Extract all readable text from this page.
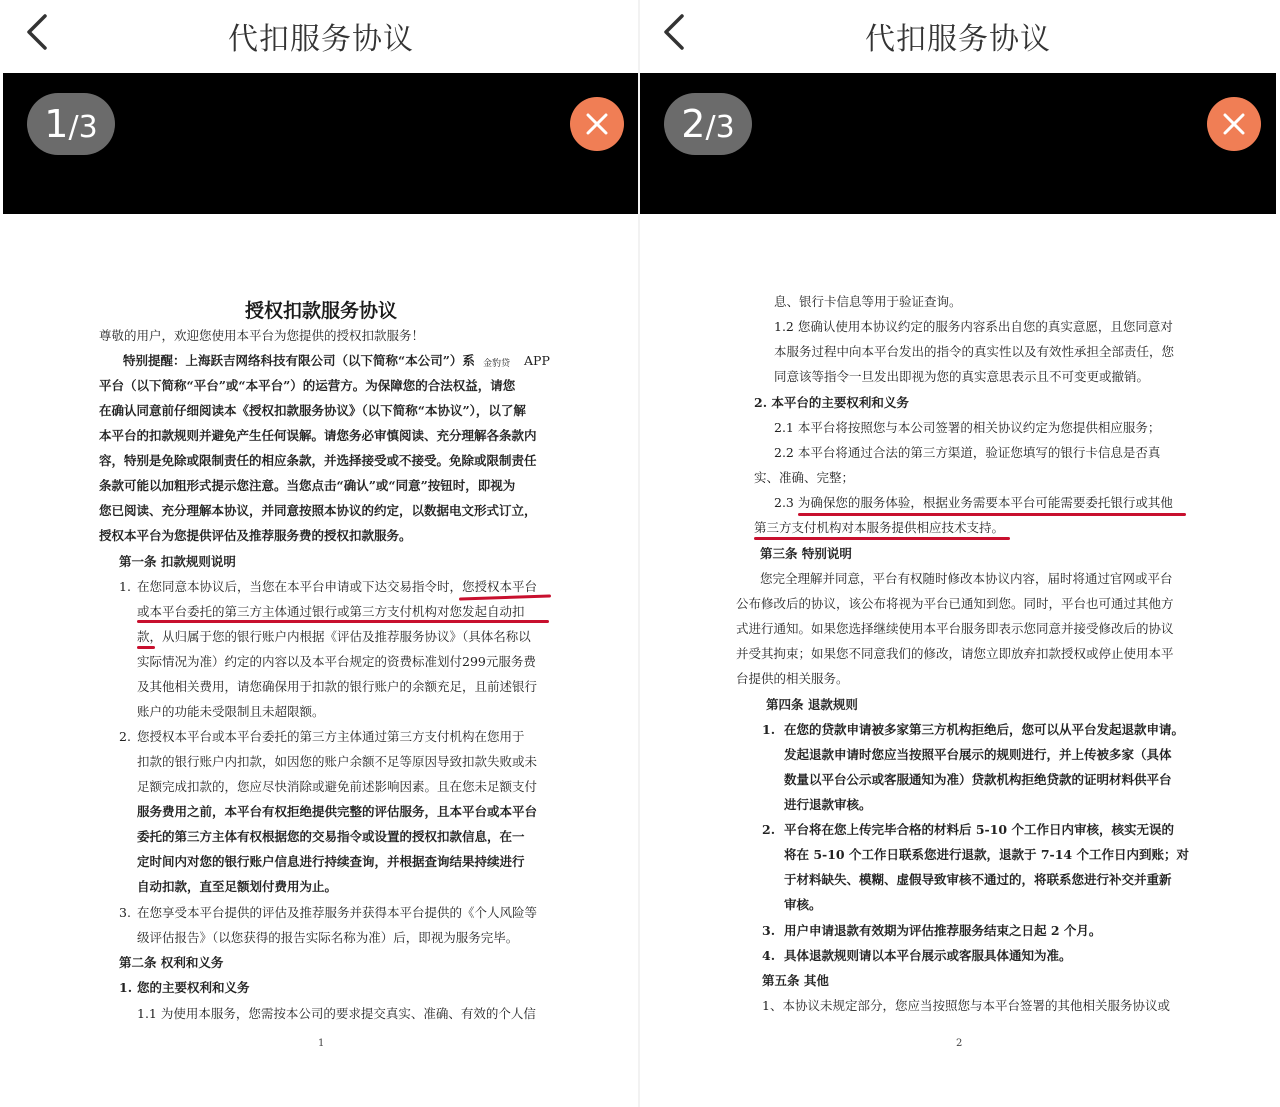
代扣服务协议
1 / 3
授权扣款服务协议
尊敬的用户，欢迎您使用本平台为您提供的授权扣款服务！
特别提醒：上海跃吉网络科技有限公司（以下简称“本公司”）系 金豹贷 APP
平台（以下简称“平台”或“本平台”）的运营方。为保障您的合法权益，请您
在确认同意前仔细阅读本《授权扣款服务协议》（以下简称“本协议”），以了解
本平台的扣款规则并避免产生任何误解。请您务必审慎阅读、充分理解各条款内
容，特别是免除或限制责任的相应条款，并选择接受或不接受。免除或限制责任
条款可能以加粗形式提示您注意。当您点击“确认”或“同意”按钮时，即视为
您已阅读、充分理解本协议，并同意按照本协议的约定，以数据电文形式订立，
授权本平台为您提供评估及推荐服务费的授权扣款服务。
第一条 扣款规则说明
1. 在您同意本协议后，当您在本平台申请或下达交易指令时，您授权本平台
或本平台委托的第三方主体通过银行或第三方支付机构对您发起自动扣
款，从归属于您的银行账户内根据《评估及推荐服务协议》（具体名称以
实际情况为准）约定的内容以及本平台规定的资费标准划付299元服务费
及其他相关费用，请您确保用于扣款的银行账户的余额充足，且前述银行
账户的功能未受限制且未超限额。
2. 您授权本平台或本平台委托的第三方主体通过第三方支付机构在您用于
扣款的银行账户内扣款，如因您的账户余额不足等原因导致扣款失败或未
足额完成扣款的，您应尽快消除或避免前述影响因素。且在您未足额支付
服务费用之前，本平台有权拒绝提供完整的评估服务，且本平台或本平台
委托的第三方主体有权根据您的交易指令或设置的授权扣款信息，在一
定时间内对您的银行账户信息进行持续查询，并根据查询结果持续进行
自动扣款，直至足额划付费用为止。
3. 在您享受本平台提供的评估及推荐服务并获得本平台提供的《个人风险等
级评估报告》（以您获得的报告实际名称为准）后，即视为服务完毕。
第二条 权利和义务
1. 您的主要权利和义务
1.1 为使用本服务，您需按本公司的要求提交真实、准确、有效的个人信
1
代扣服务协议
2 / 3
息、银行卡信息等用于验证查询。
1.2 您确认使用本协议约定的服务内容系出自您的真实意愿，且您同意对
本服务过程中向本平台发出的指令的真实性以及有效性承担全部责任，您
同意该等指令一旦发出即视为您的真实意思表示且不可变更或撤销。
2. 本平台的主要权利和义务
2.1 本平台将按照您与本公司签署的相关协议约定为您提供相应服务；
2.2 本平台将通过合法的第三方渠道，验证您填写的银行卡信息是否真
实、准确、完整；
2.3 为确保您的服务体验，根据业务需要本平台可能需要委托银行或其他
第三方支付机构对本服务提供相应技术支持。
第三条 特别说明
您完全理解并同意，平台有权随时修改本协议内容，届时将通过官网或平台
公布修改后的协议，该公布将视为平台已通知到您。同时，平台也可通过其他方
式进行通知。如果您选择继续使用本平台服务即表示您同意并接受修改后的协议
并受其拘束；如果您不同意我们的修改，请您立即放弃扣款授权或停止使用本平
台提供的相关服务。
第四条 退款规则
1. 在您的贷款申请被多家第三方机构拒绝后，您可以从平台发起退款申请。
发起退款申请时您应当按照平台展示的规则进行，并上传被多家（具体
数量以平台公示或客服通知为准）贷款机构拒绝贷款的证明材料供平台
进行退款审核。
2. 平台将在您上传完毕合格的材料后 5-10 个工作日内审核，核实无误的
将在 5-10 个工作日联系您进行退款，退款于 7-14 个工作日内到账；对
于材料缺失、模糊、虚假导致审核不通过的，将联系您进行补交并重新
审核。
3. 用户申请退款有效期为评估推荐服务结束之日起 2 个月。
4. 具体退款规则请以本平台展示或客服具体通知为准。
第五条 其他
1、本协议未规定部分，您应当按照您与本平台签署的其他相关服务协议或
2
